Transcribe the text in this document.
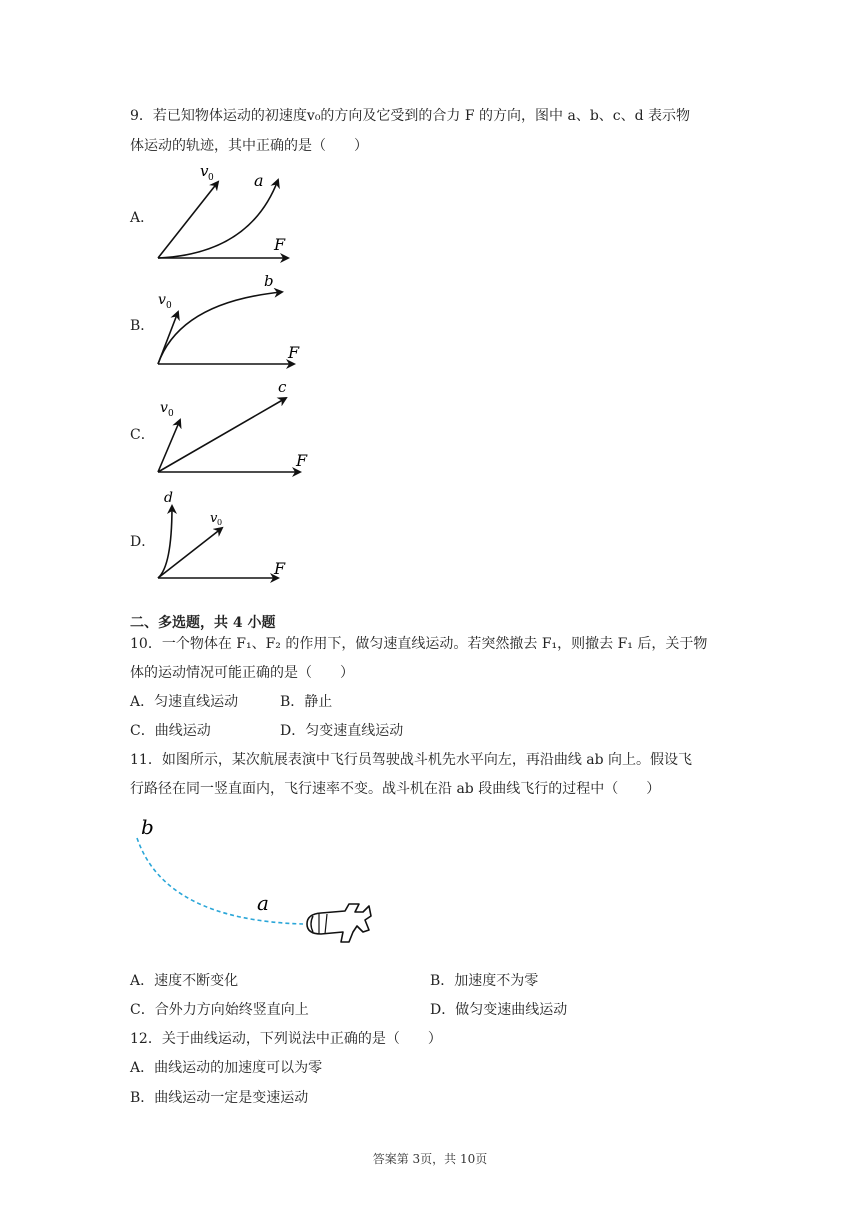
9．若已知物体运动的初速度v₀的方向及它受到的合力 F 的方向，图中 a、b、c、d 表示物
体运动的轨迹，其中正确的是（　　）
A．
v 0	a
F
B．
v 0
b
F
C．
v 0
c
F
D．
d
v 0
F
二、多选题，共 4 小题
10．一个物体在 F₁、F₂ 的作用下，做匀速直线运动。若突然撤去 F₁，则撤去 F₁ 后，关于物
体的运动情况可能正确的是（　　）
A．匀速直线运动	B．静止
C．曲线运动	D．匀变速直线运动
11．如图所示，某次航展表演中飞行员驾驶战斗机先水平向左，再沿曲线 ab 向上。假设飞
行路径在同一竖直面内，飞行速率不变。战斗机在沿 ab 段曲线飞行的过程中（　　）
b
a
A．速度不断变化	B．加速度不为零
C．合外力方向始终竖直向上	D．做匀变速曲线运动
12．关于曲线运动，下列说法中正确的是（　　）
A．曲线运动的加速度可以为零
B．曲线运动一定是变速运动
答案第 3页，共 10页
